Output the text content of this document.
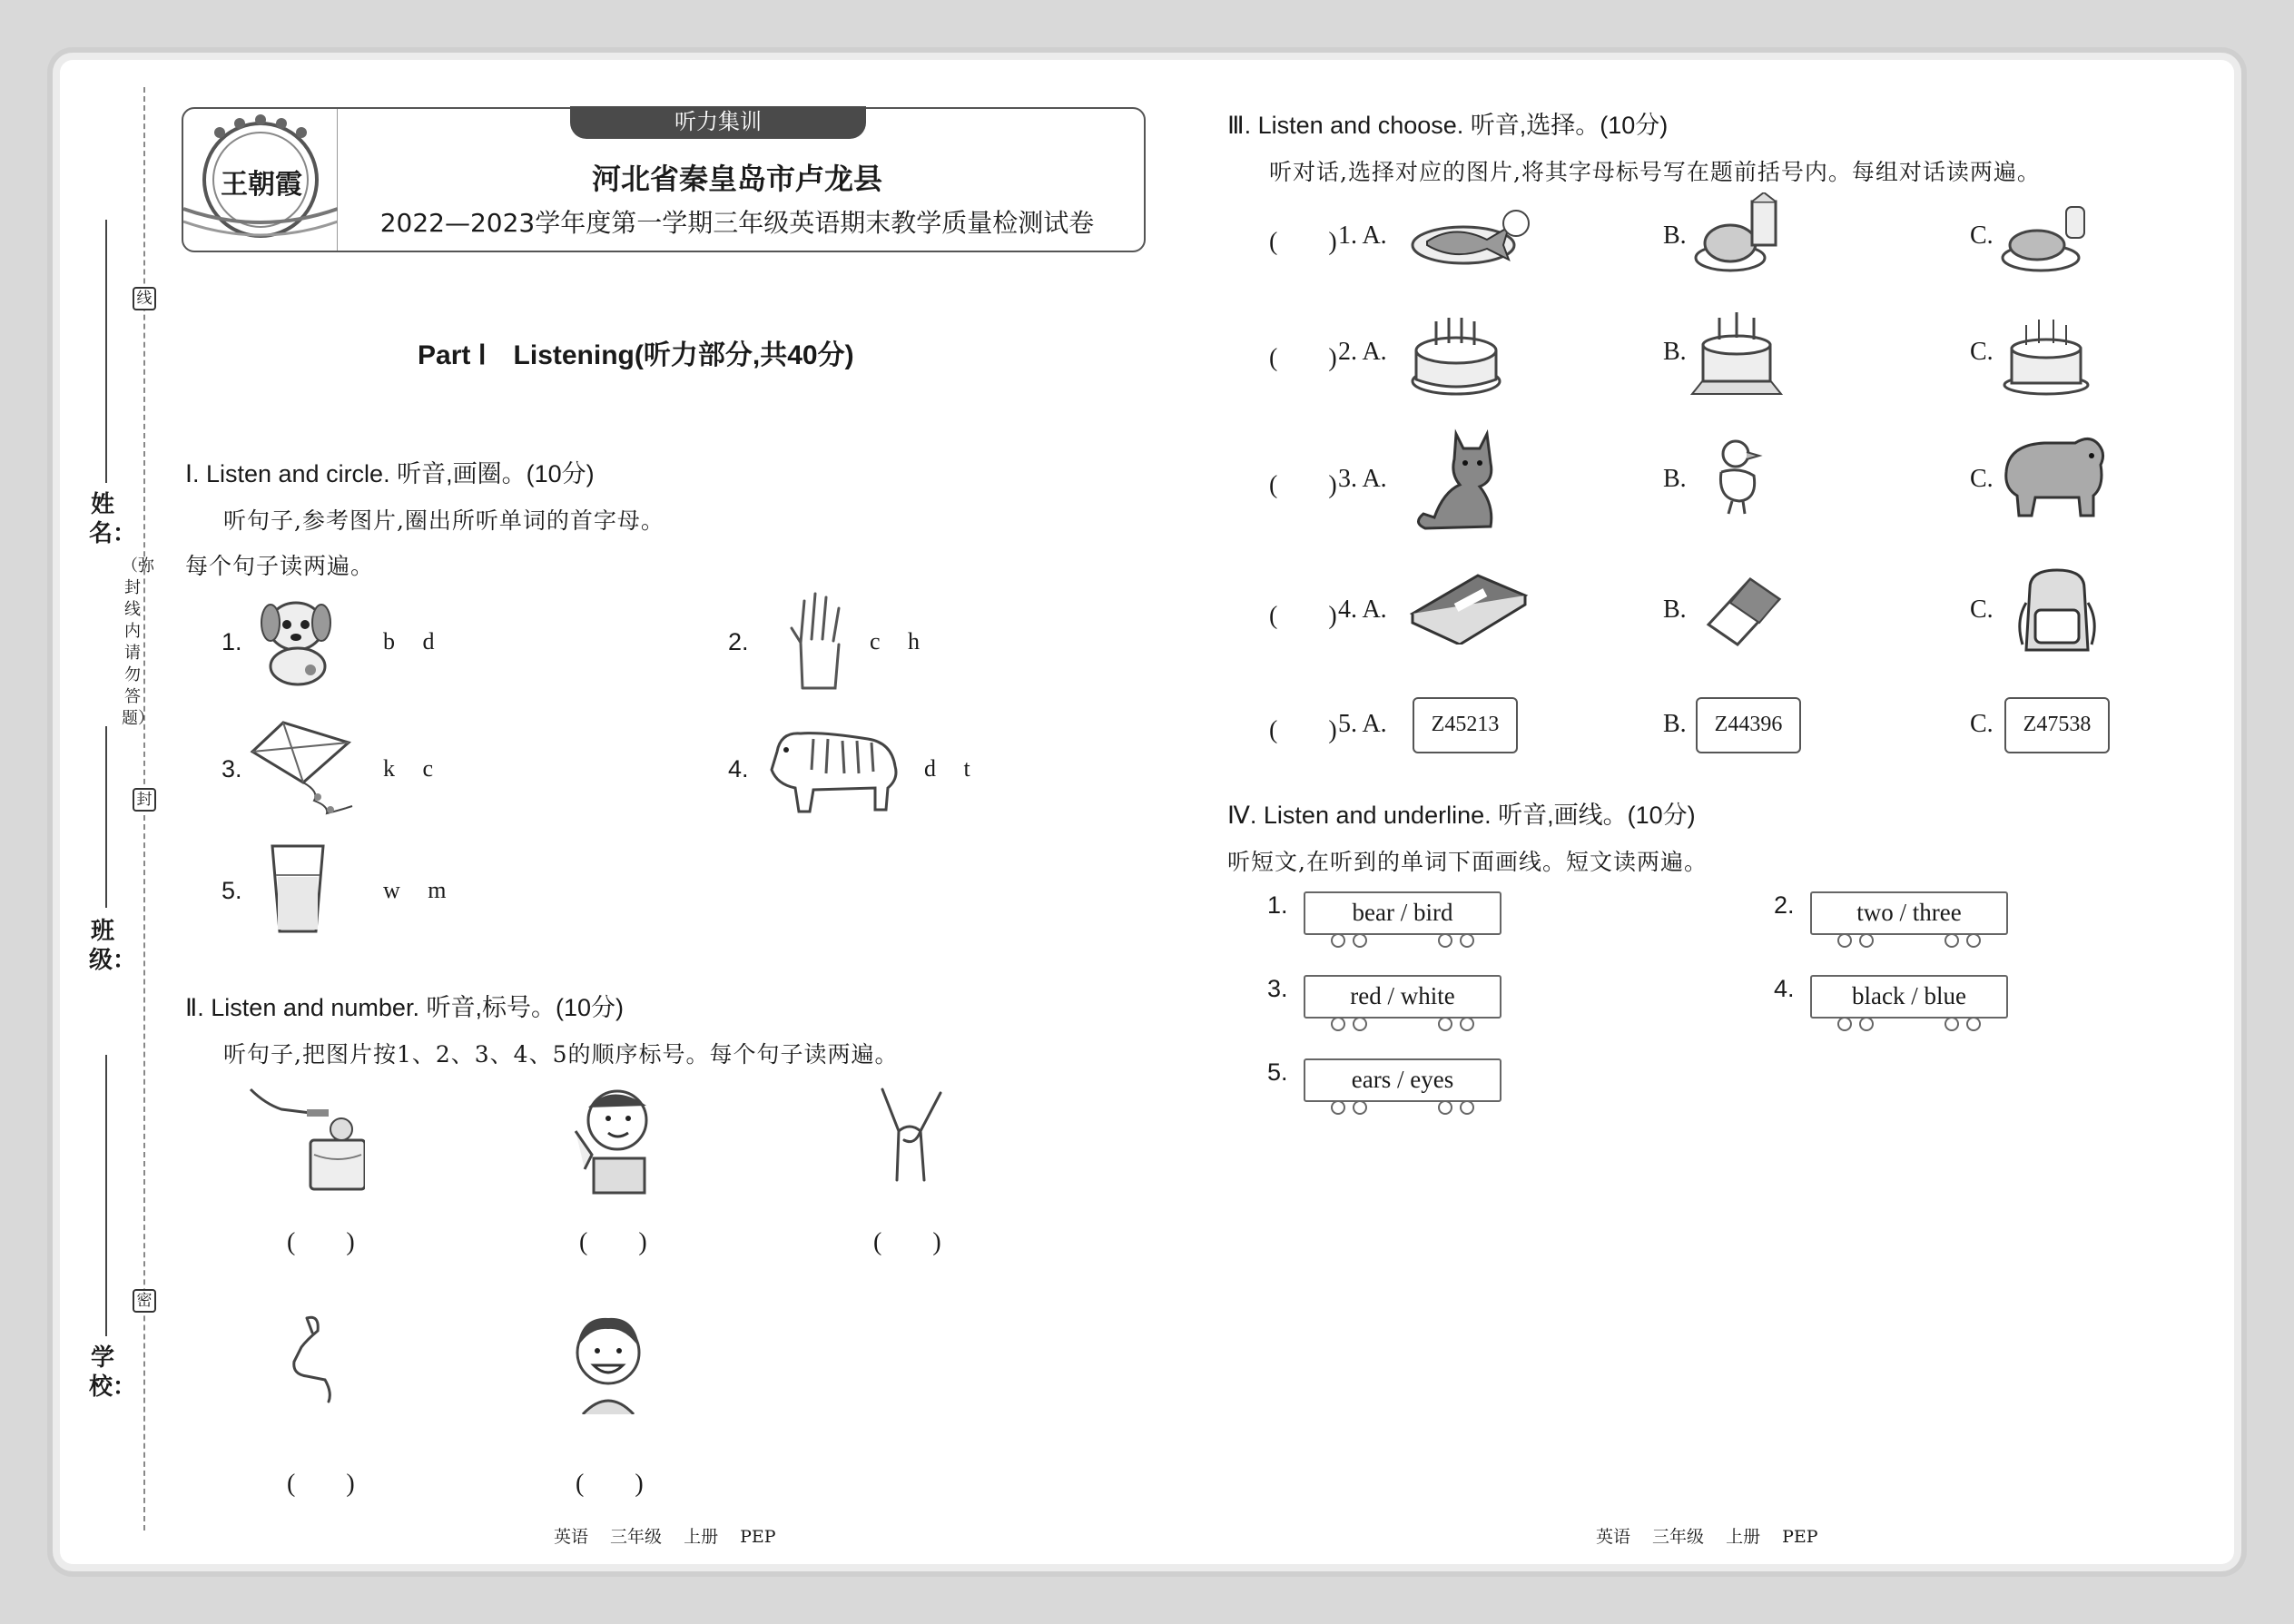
线
封
密
姓名：
（弥封线内请勿答题）
班级：
学校：
王朝霞
听力集训
河北省秦皇岛市卢龙县
2022—2023学年度第一学期三年级英语期末教学质量检测试卷
Part Ⅰ　Listening(听力部分,共40分)
Ⅰ. Listen and circle. 听音,画圈。(10分)
听句子,参考图片,圈出所听单词的首字母。
每个句子读两遍。
1.	b d	2.	c h
3.	k c	4.	d t
5.	w m
Ⅱ. Listen and number. 听音,标号。(10分)
听句子,把图片按1、2、3、4、5的顺序标号。每个句子读两遍。
(　　)	(　　)	(　　)
(　　)	(　　)
Ⅲ. Listen and choose. 听音,选择。(10分)
听对话,选择对应的图片,将其字母标号写在题前括号内。每组对话读两遍。
(　　) 1. A.	B.	C.
(　　) 2. A.	B.	C.
(　　) 3. A.	B.	C.
(　　) 4. A.	B.	C.
(　　) 5. A.	Z45213	B.	Z44396	C.	Z47538
Ⅳ. Listen and underline. 听音,画线。(10分)
听短文,在听到的单词下面画线。短文读两遍。
1.	bear / bird	2.	two / three
3.	red / white	4.	black / blue
5.	ears / eyes
英语 三年级 上册 PEP	英语 三年级 上册 PEP
